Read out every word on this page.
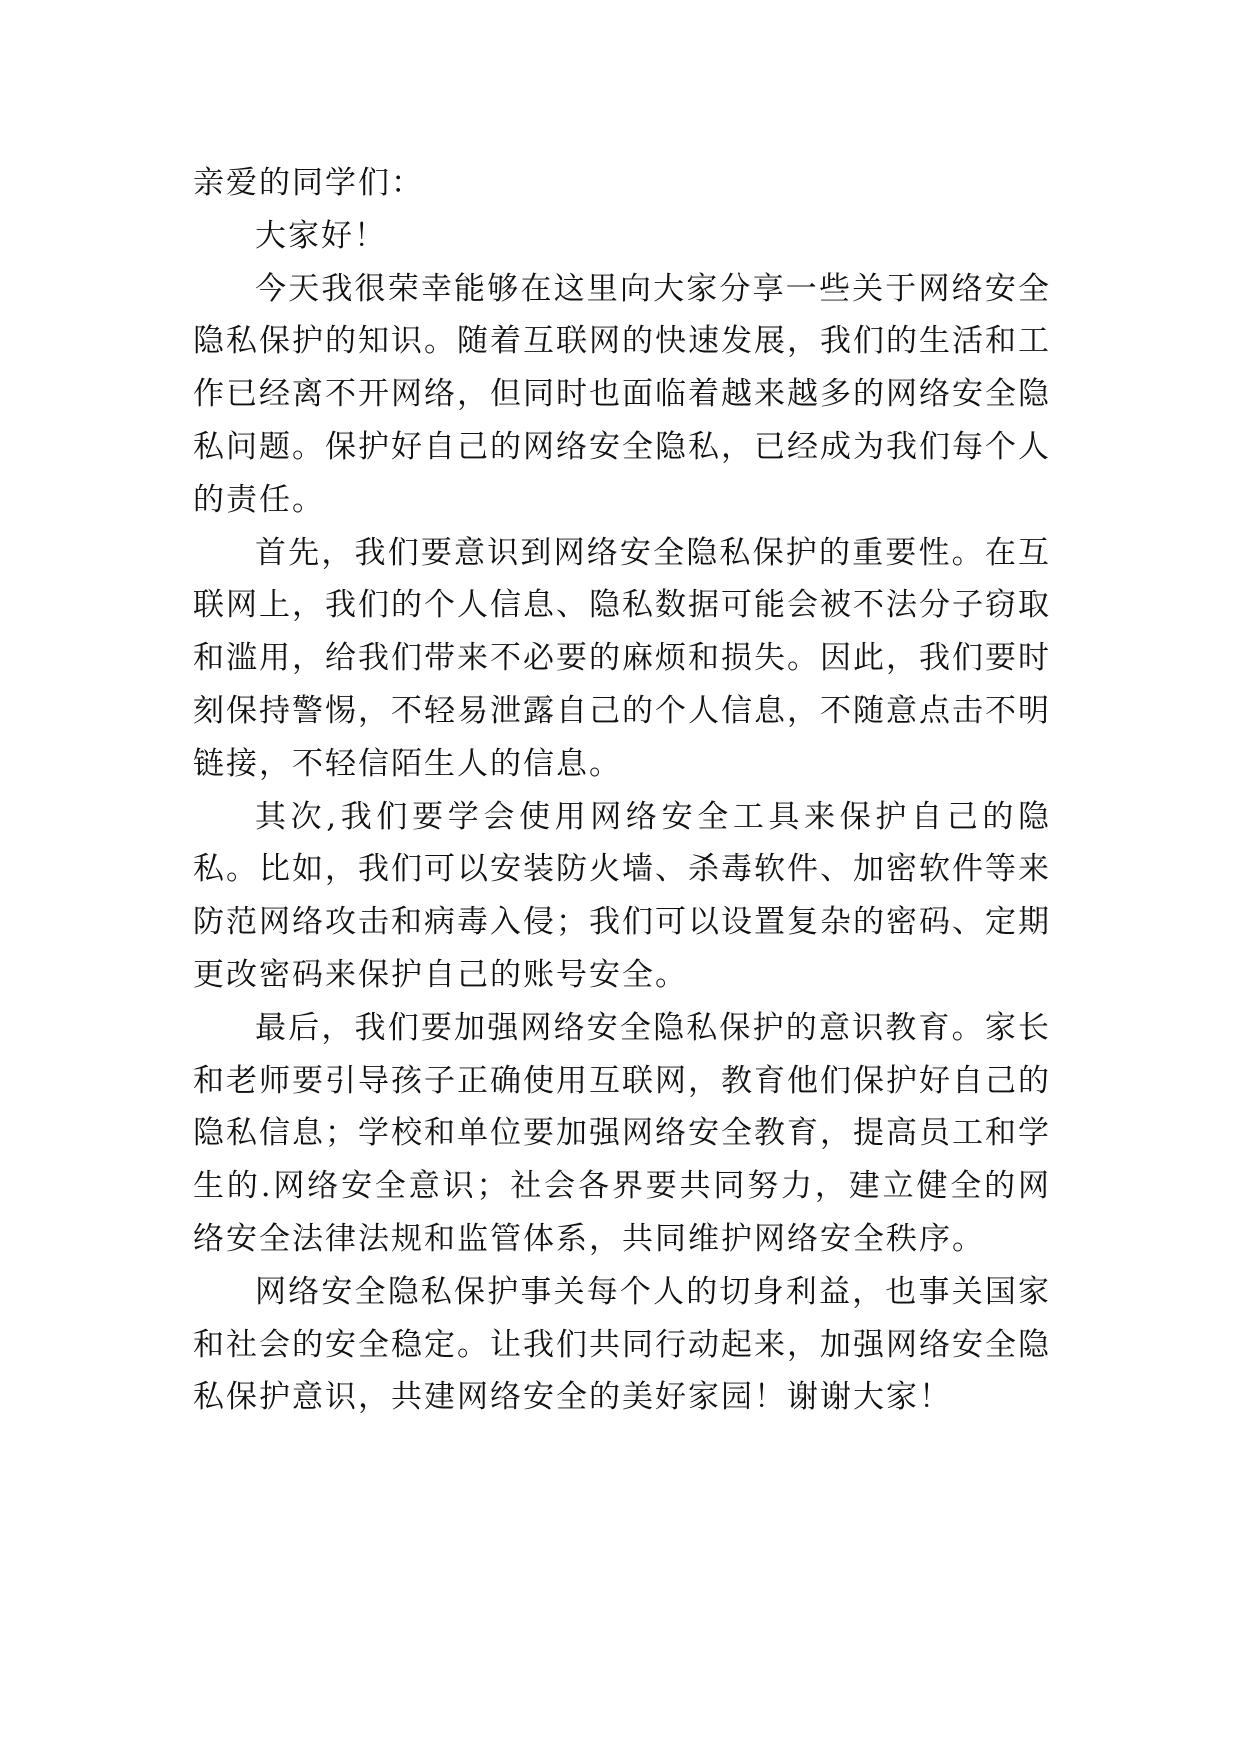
亲爱的同学们：

大家好！

今天我很荣幸能够在这里向大家分享一些关于网络安全隐私保护的知识。随着互联网的快速发展，我们的生活和工作已经离不开网络，但同时也面临着越来越多的网络安全隐私问题。保护好自己的网络安全隐私，已经成为我们每个人的责任。

首先，我们要意识到网络安全隐私保护的重要性。在互联网上，我们的个人信息、隐私数据可能会被不法分子窃取和滥用，给我们带来不必要的麻烦和损失。因此，我们要时刻保持警惕，不轻易泄露自己的个人信息，不随意点击不明链接，不轻信陌生人的信息。

其次,我们要学会使用网络安全工具来保护自己的隐私。比如，我们可以安装防火墙、杀毒软件、加密软件等来防范网络攻击和病毒入侵；我们可以设置复杂的密码、定期更改密码来保护自己的账号安全。

最后，我们要加强网络安全隐私保护的意识教育。家长和老师要引导孩子正确使用互联网，教育他们保护好自己的隐私信息；学校和单位要加强网络安全教育，提高员工和学生的.网络安全意识；社会各界要共同努力，建立健全的网络安全法律法规和监管体系，共同维护网络安全秩序。

网络安全隐私保护事关每个人的切身利益，也事关国家和社会的安全稳定。让我们共同行动起来，加强网络安全隐私保护意识，共建网络安全的美好家园！谢谢大家！
